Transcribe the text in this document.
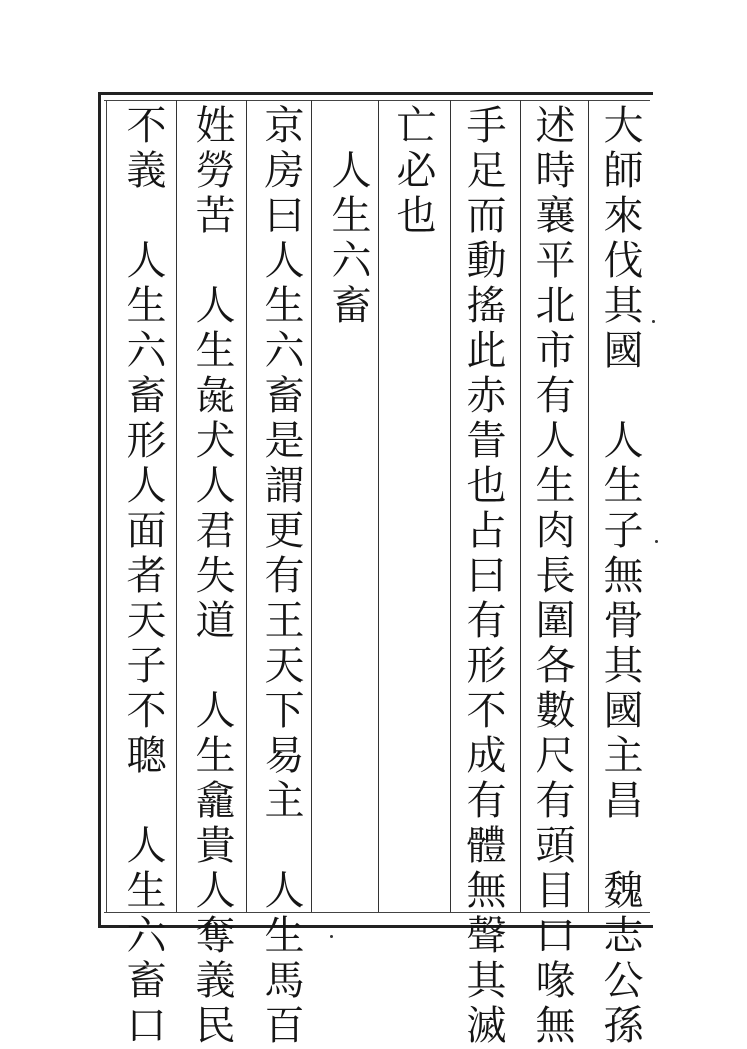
大師來伐其國　人生子無骨其國主昌　魏志公孫
述時襄平北市有人生肉長圍各數尺有頭目口喙無
手足而動搖此赤眚也占曰有形不成有體無聲其滅
亡必也
　人生六畜
京房曰人生六畜是謂更有王天下易主　人生馬百
姓勞苦　人生彘犬人君失道　人生龕貴人奪義民
不義　人生六畜形人面者天子不聰　人生六畜口
